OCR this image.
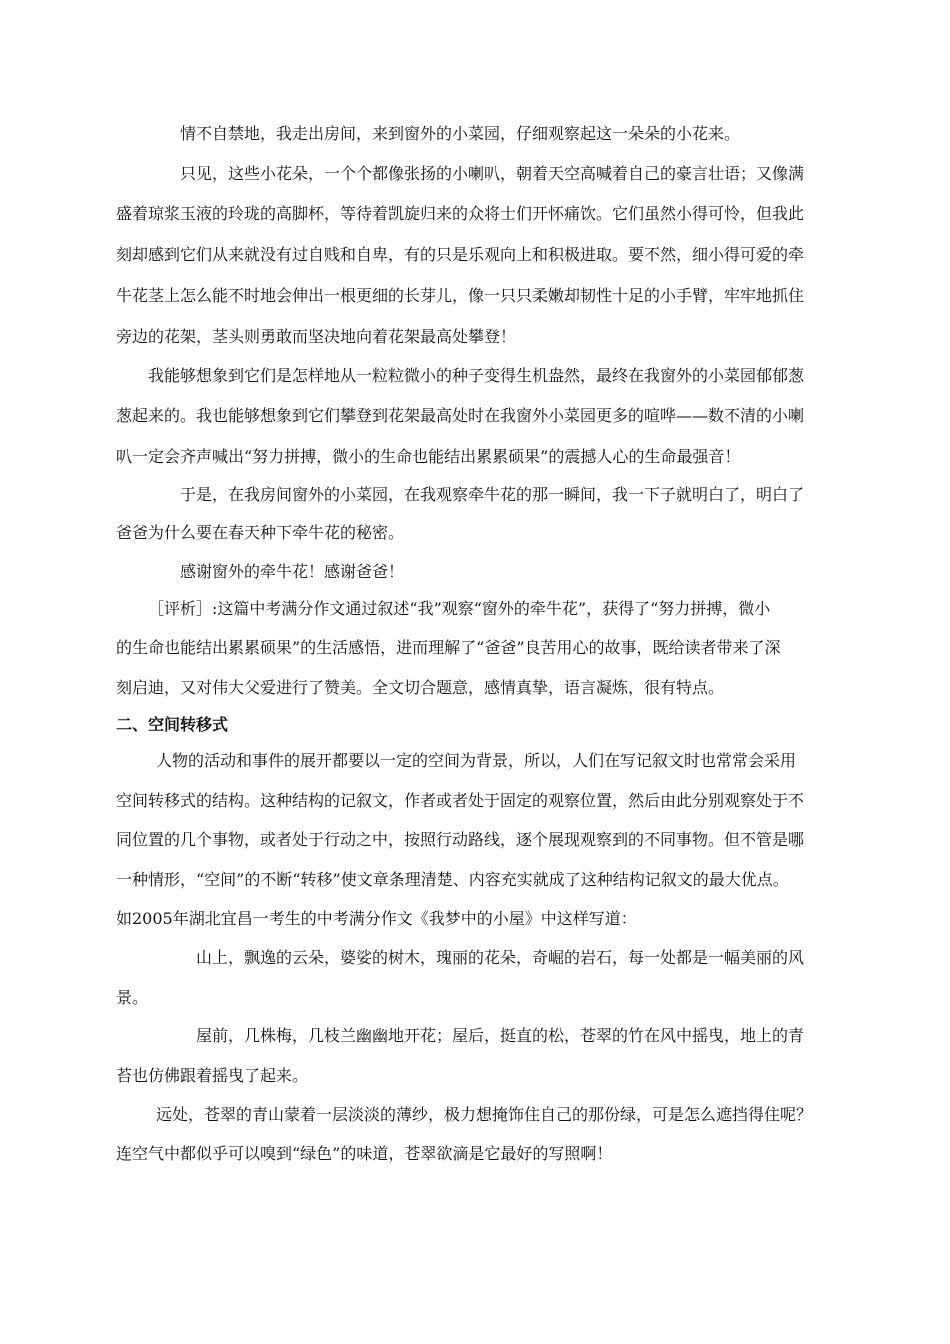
情不自禁地，我走出房间，来到窗外的小菜园，仔细观察起这一朵朵的小花来。
只见，这些小花朵，一个个都像张扬的小喇叭，朝着天空高喊着自己的豪言壮语；又像满
盛着琼浆玉液的玲珑的高脚杯，等待着凯旋归来的众将士们开怀痛饮。它们虽然小得可怜，但我此
刻却感到它们从来就没有过自贱和自卑，有的只是乐观向上和积极进取。要不然，细小得可爱的牵
牛花茎上怎么能不时地会伸出一根更细的长芽儿，像一只只柔嫩却韧性十足的小手臂，牢牢地抓住
旁边的花架，茎头则勇敢而坚决地向着花架最高处攀登！
我能够想象到它们是怎样地从一粒粒微小的种子变得生机盎然，最终在我窗外的小菜园郁郁葱
葱起来的。我也能够想象到它们攀登到花架最高处时在我窗外小菜园更多的喧哗——数不清的小喇
叭一定会齐声喊出“努力拼搏，微小的生命也能结出累累硕果”的震撼人心的生命最强音！
于是，在我房间窗外的小菜园，在我观察牵牛花的那一瞬间，我一下子就明白了，明白了
爸爸为什么要在春天种下牵牛花的秘密。
感谢窗外的牵牛花！感谢爸爸！
［评析］:这篇中考满分作文通过叙述“我”观察“窗外的牵牛花”，获得了“努力拼搏，微小
的生命也能结出累累硕果”的生活感悟，进而理解了“爸爸”良苦用心的故事，既给读者带来了深
刻启迪，又对伟大父爱进行了赞美。全文切合题意，感情真挚，语言凝炼，很有特点。
二、空间转移式
人物的活动和事件的展开都要以一定的空间为背景，所以，人们在写记叙文时也常常会采用
空间转移式的结构。这种结构的记叙文，作者或者处于固定的观察位置，然后由此分别观察处于不
同位置的几个事物，或者处于行动之中，按照行动路线，逐个展现观察到的不同事物。但不管是哪
一种情形，“空间”的不断“转移”使文章条理清楚、内容充实就成了这种结构记叙文的最大优点。
如2005年湖北宜昌一考生的中考满分作文《我梦中的小屋》中这样写道：
山上，飘逸的云朵，婆娑的树木，瑰丽的花朵，奇崛的岩石，每一处都是一幅美丽的风
景。
屋前，几株梅，几枝兰幽幽地开花；屋后，挺直的松，苍翠的竹在风中摇曳，地上的青
苔也仿佛跟着摇曳了起来。
远处，苍翠的青山蒙着一层淡淡的薄纱，极力想掩饰住自己的那份绿，可是怎么遮挡得住呢？
连空气中都似乎可以嗅到“绿色”的味道，苍翠欲滴是它最好的写照啊！
